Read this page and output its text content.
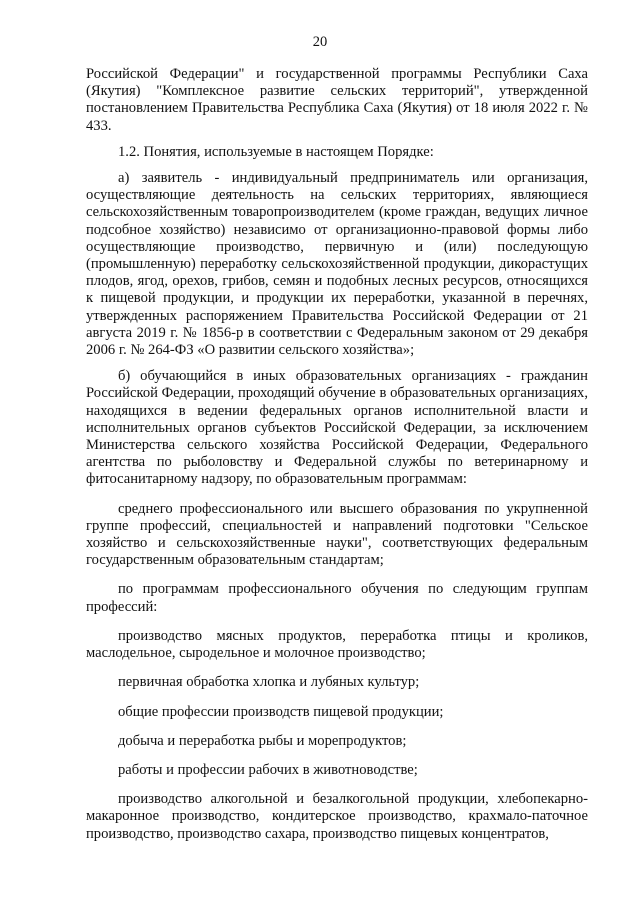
20

Российской Федерации" и государственной программы Республики Саха (Якутия) "Комплексное развитие сельских территорий", утвержденной постановлением Правительства Республика Саха (Якутия) от 18 июля 2022 г. № 433.

1.2. Понятия, используемые в настоящем Порядке:

а) заявитель - индивидуальный предприниматель или организация, осуществляющие деятельность на сельских территориях, являющиеся сельскохозяйственным товаропроизводителем (кроме граждан, ведущих личное подсобное хозяйство) независимо от организационно-правовой формы либо осуществляющие производство, первичную и (или) последующую (промышленную) переработку сельскохозяйственной продукции, дикорастущих плодов, ягод, орехов, грибов, семян и подобных лесных ресурсов, относящихся к пищевой продукции, и продукции их переработки, указанной в перечнях, утвержденных распоряжением Правительства Российской Федерации от 21 августа 2019 г. № 1856-р в соответствии с Федеральным законом от 29 декабря 2006 г. № 264-ФЗ «О развитии сельского хозяйства»;

б) обучающийся в иных образовательных организациях - гражданин Российской Федерации, проходящий обучение в образовательных организациях, находящихся в ведении федеральных органов исполнительной власти и исполнительных органов субъектов Российской Федерации, за исключением Министерства сельского хозяйства Российской Федерации, Федерального агентства по рыболовству и Федеральной службы по ветеринарному и фитосанитарному надзору, по образовательным программам:

среднего профессионального или высшего образования по укрупненной группе профессий, специальностей и направлений подготовки "Сельское хозяйство и сельскохозяйственные науки", соответствующих федеральным государственным образовательным стандартам;

по программам профессионального обучения по следующим группам профессий:

производство мясных продуктов, переработка птицы и кроликов, маслодельное, сыродельное и молочное производство;

первичная обработка хлопка и лубяных культур;

общие профессии производств пищевой продукции;

добыча и переработка рыбы и морепродуктов;

работы и профессии рабочих в животноводстве;

производство алкогольной и безалкогольной продукции, хлебопекарно-макаронное производство, кондитерское производство, крахмало-паточное производство, производство сахара, производство пищевых концентратов,
